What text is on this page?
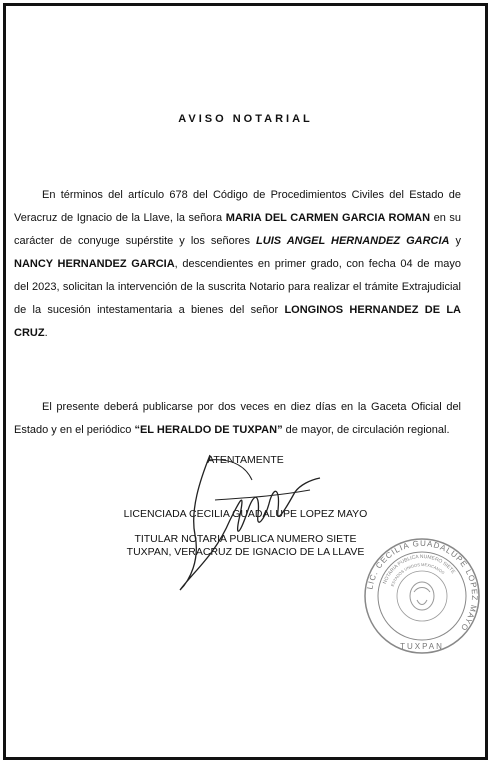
AVISO NOTARIAL

En términos del artículo 678 del Código de Procedimientos Civiles del Estado de Veracruz de Ignacio de la Llave, la señora MARIA DEL CARMEN GARCIA ROMAN en su carácter de conyuge supérstite y los señores LUIS ANGEL HERNANDEZ GARCIA y NANCY HERNANDEZ GARCIA, descendientes en primer grado, con fecha 04 de mayo del 2023, solicitan la intervención de la suscrita Notario para realizar el trámite Extrajudicial de la sucesión intestamentaria a bienes del señor LONGINOS HERNANDEZ DE LA CRUZ.

El presente deberá publicarse por dos veces en diez días en la Gaceta Oficial del Estado y en el periódico “EL HERALDO DE TUXPAN” de mayor, de circulación regional.

ATENTAMENTE
LICENCIADA CECILIA GUADALUPE LOPEZ MAYO
TITULAR NOTARIA PUBLICA NUMERO SIETE
TUXPAN, VERACRUZ DE IGNACIO DE LA LLAVE
LIC. CECILIA GUADALUPE LOPEZ MAYO
NOTARIA PUBLICA NUMERO SIETE
ESTADOS UNIDOS MEXICANOS
TUXPAN
